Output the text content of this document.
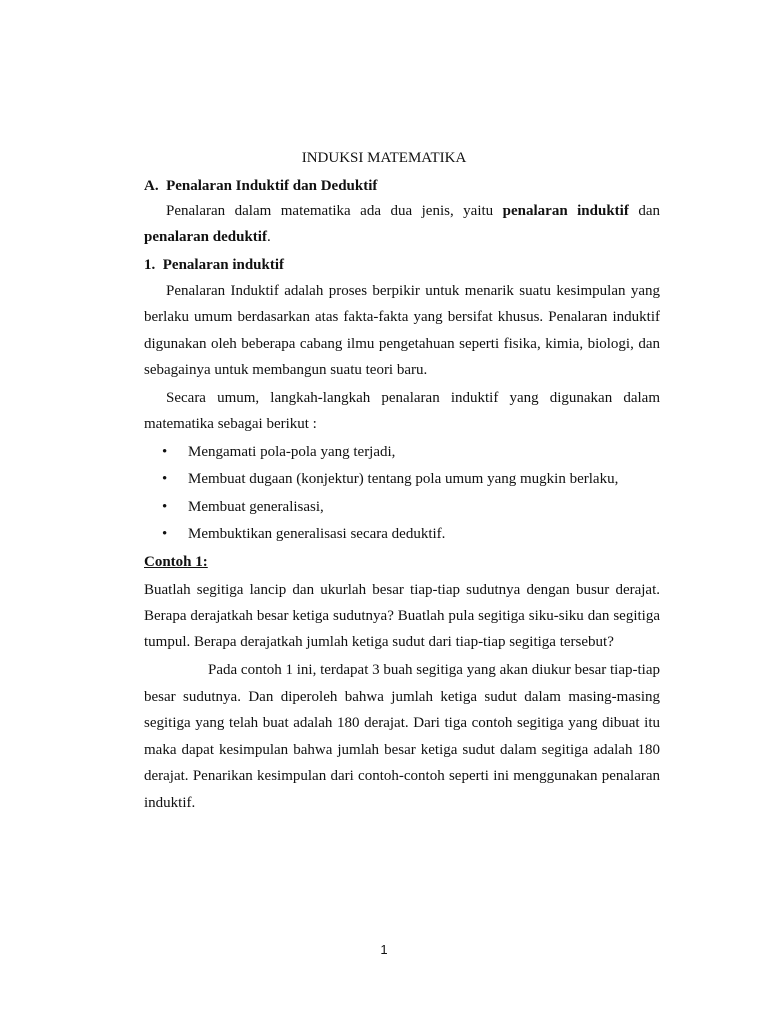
INDUKSI MATEMATIKA
A.  Penalaran Induktif dan Deduktif
Penalaran dalam matematika ada dua jenis, yaitu penalaran induktif dan
penalaran deduktif.
1.  Penalaran induktif
Penalaran Induktif adalah proses berpikir untuk menarik suatu kesimpulan yang
berlaku umum berdasarkan atas fakta-fakta yang bersifat khusus. Penalaran induktif
digunakan oleh beberapa cabang ilmu pengetahuan seperti fisika, kimia, biologi, dan
sebagainya untuk membangun suatu teori baru.
Secara umum, langkah-langkah penalaran induktif yang digunakan dalam
matematika sebagai berikut :
• Mengamati pola-pola yang terjadi,
• Membuat dugaan (konjektur) tentang pola umum yang mugkin berlaku,
• Membuat generalisasi,
• Membuktikan generalisasi secara deduktif.
Contoh 1:
Buatlah segitiga lancip dan ukurlah besar tiap-tiap sudutnya dengan busur derajat.
Berapa derajatkah besar ketiga sudutnya? Buatlah pula segitiga siku-siku dan segitiga
tumpul. Berapa derajatkah jumlah ketiga sudut dari tiap-tiap segitiga tersebut?
Pada contoh 1 ini, terdapat 3 buah segitiga yang akan diukur besar tiap-tiap
besar sudutnya. Dan diperoleh bahwa jumlah ketiga sudut dalam masing-masing
segitiga yang telah buat adalah 180 derajat. Dari tiga contoh segitiga yang dibuat itu
maka dapat kesimpulan bahwa jumlah besar ketiga sudut dalam segitiga adalah 180
derajat. Penarikan kesimpulan dari contoh-contoh seperti ini menggunakan penalaran
induktif.
1
